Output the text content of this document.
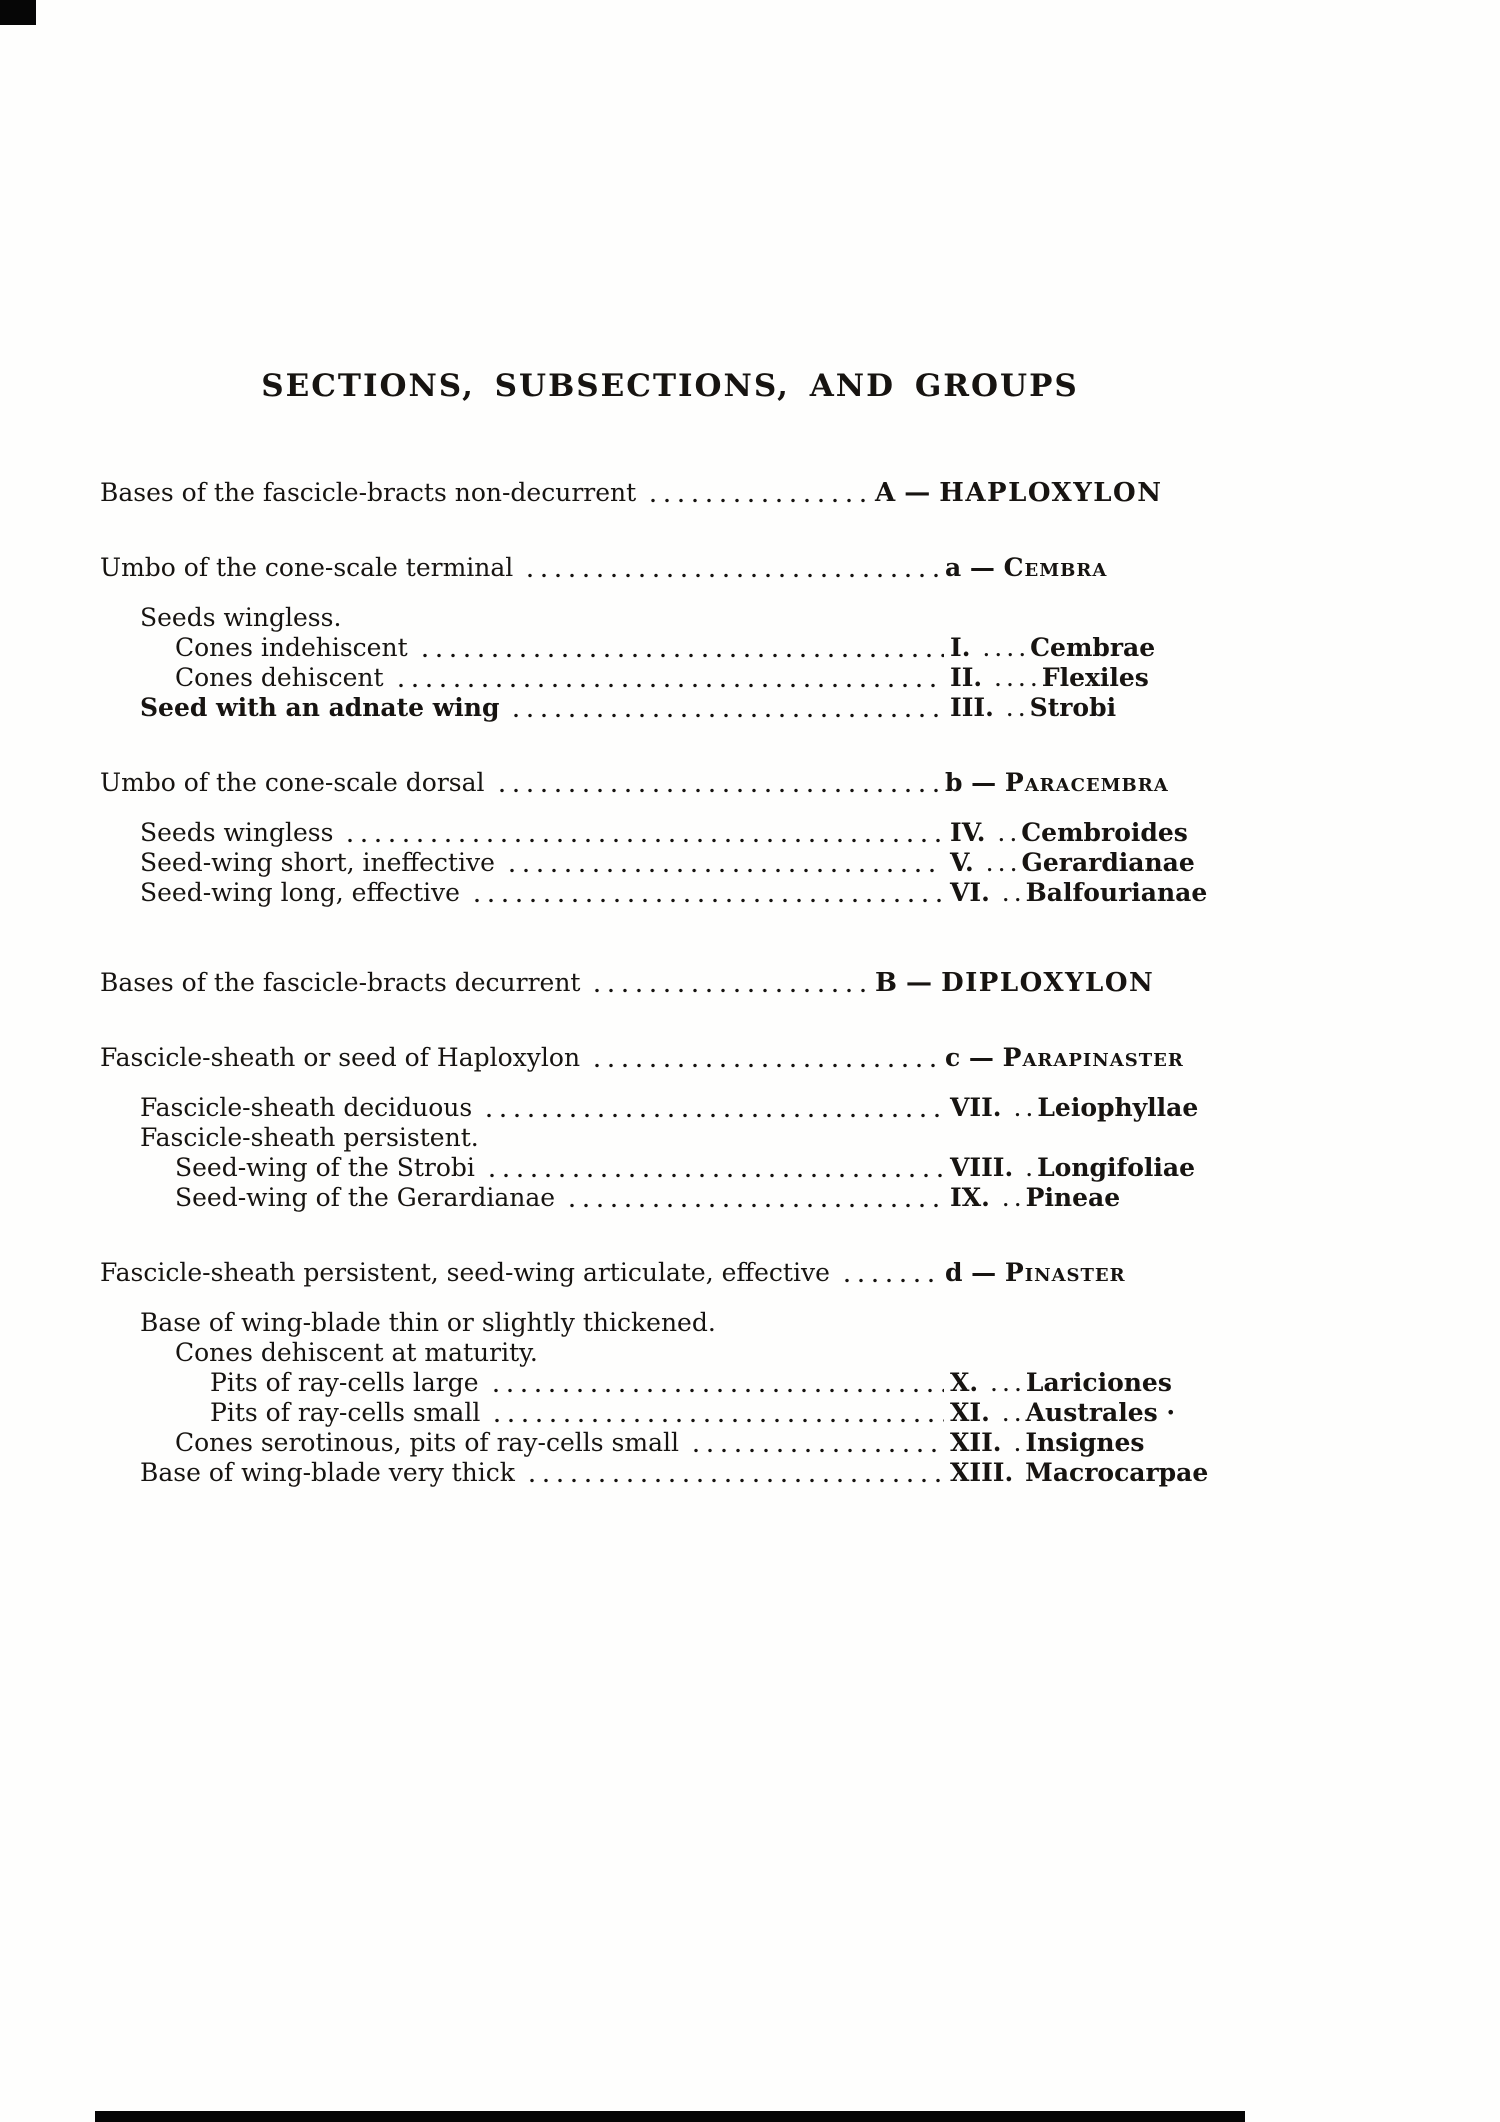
SECTIONS, SUBSECTIONS, AND GROUPS
Bases of the fascicle-bracts non-decurrent	A — HAPLOXYLON
Umbo of the cone-scale terminal	a — Cembra
Seeds wingless.
Cones indehiscent	I. ....Cembrae
Cones dehiscent	II. ....Flexiles
Seed with an adnate wing	III. ..Strobi
Umbo of the cone-scale dorsal	b — Paracembra
Seeds wingless	IV. ..Cembroides
Seed-wing short, ineffective	V. ...Gerardianae
Seed-wing long, effective	VI. ..Balfourianae
Bases of the fascicle-bracts decurrent	B — DIPLOXYLON
Fascicle-sheath or seed of Haploxylon	c — Parapinaster
Fascicle-sheath deciduous	VII. ..Leiophyllae
Fascicle-sheath persistent.
Seed-wing of the Strobi	VIII. .Longifoliae
Seed-wing of the Gerardianae	IX. ..Pineae
Fascicle-sheath persistent, seed-wing articulate, effective	d — Pinaster
Base of wing-blade thin or slightly thickened.
Cones dehiscent at maturity.
Pits of ray-cells large	X. ...Lariciones
Pits of ray-cells small	XI. ..Australes ·
Cones serotinous, pits of ray-cells small	XII. .Insignes
Base of wing-blade very thick	XIII. Macrocarpae
